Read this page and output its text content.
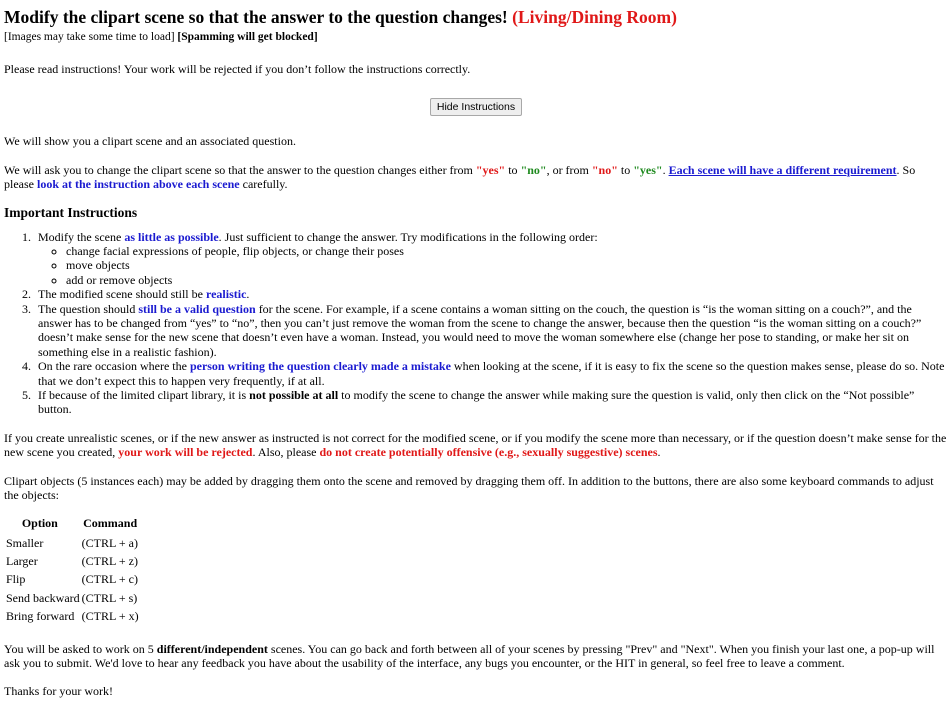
Modify the clipart scene so that the answer to the question changes! (Living/Dining Room)

[Images may take some time to load] [Spamming will get blocked]

Please read instructions! Your work will be rejected if you don’t follow the instructions correctly.

Hide Instructions

We will show you a clipart scene and an associated question.

We will ask you to change the clipart scene so that the answer to the question changes either from "yes" to "no", or from "no" to "yes". Each scene will have a different requirement. So please look at the instruction above each scene carefully.

Important Instructions
1. Modify the scene as little as possible. Just sufficient to change the answer. Try modifications in the following order:
◦ change facial expressions of people, flip objects, or change their poses
◦ move objects
◦ add or remove objects
2. The modified scene should still be realistic.
3. The question should still be a valid question for the scene. For example, if a scene contains a woman sitting on the couch, the question is “is the woman sitting on a couch?”, and the answer has to be changed from “yes” to “no”, then you can’t just remove the woman from the scene to change the answer, because then the question “is the woman sitting on a couch?” doesn’t make sense for the new scene that doesn’t even have a woman. Instead, you would need to move the woman somewhere else (change her pose to standing, or make her sit on something else in a realistic fashion).
4. On the rare occasion where the person writing the question clearly made a mistake when looking at the scene, if it is easy to fix the scene so the question makes sense, please do so. Note that we don’t expect this to happen very frequently, if at all.
5. If because of the limited clipart library, it is not possible at all to modify the scene to change the answer while making sure the question is valid, only then click on the “Not possible” button.

If you create unrealistic scenes, or if the new answer as instructed is not correct for the modified scene, or if you modify the scene more than necessary, or if the question doesn’t make sense for the new scene you created, your work will be rejected. Also, please do not create potentially offensive (e.g., sexually suggestive) scenes.

Clipart objects (5 instances each) may be added by dragging them onto the scene and removed by dragging them off. In addition to the buttons, there are also some keyboard commands to adjust the objects:

Option	Command
Smaller	(CTRL + a)
Larger	(CTRL + z)
Flip	(CTRL + c)
Send backward	(CTRL + s)
Bring forward	(CTRL + x)

You will be asked to work on 5 different/independent scenes. You can go back and forth between all of your scenes by pressing "Prev" and "Next". When you finish your last one, a pop-up will ask you to submit. We'd love to hear any feedback you have about the usability of the interface, any bugs you encounter, or the HIT in general, so feel free to leave a comment.

Thanks for your work!
